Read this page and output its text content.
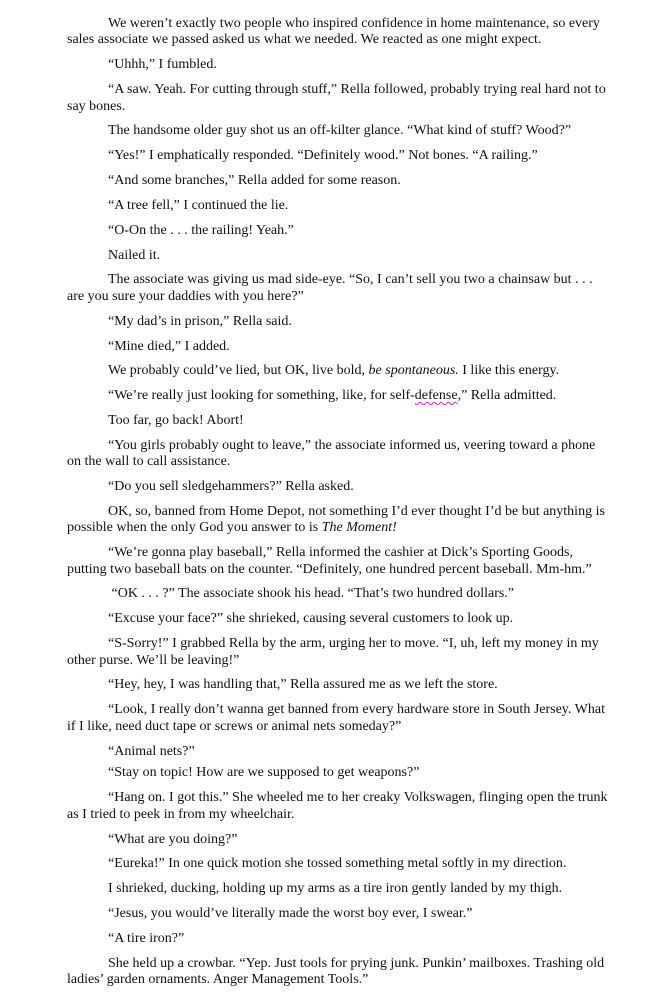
We weren’t exactly two people who inspired confidence in home maintenance, so every sales associate we passed asked us what we needed. We reacted as one might expect.

“Uhhh,” I fumbled.

“A saw. Yeah. For cutting through stuff,” Rella followed, probably trying real hard not to say bones.

The handsome older guy shot us an off-kilter glance. “What kind of stuff? Wood?”

“Yes!” I emphatically responded. “Definitely wood.” Not bones. “A railing.”

“And some branches,” Rella added for some reason.

“A tree fell,” I continued the lie.

“O-On the . . . the railing! Yeah.”

Nailed it.

The associate was giving us mad side-eye. “So, I can’t sell you two a chainsaw but . . . are you sure your daddies with you here?”

“My dad’s in prison,” Rella said.

“Mine died,” I added.

We probably could’ve lied, but OK, live bold, be spontaneous. I like this energy.

“We’re really just looking for something, like, for self-defense,” Rella admitted.

Too far, go back! Abort!

“You girls probably ought to leave,” the associate informed us, veering toward a phone on the wall to call assistance.

“Do you sell sledgehammers?” Rella asked.

OK, so, banned from Home Depot, not something I’d ever thought I’d be but anything is possible when the only God you answer to is The Moment!

“We’re gonna play baseball,” Rella informed the cashier at Dick’s Sporting Goods, putting two baseball bats on the counter. “Definitely, one hundred percent baseball. Mm-hm.”

“OK . . . ?” The associate shook his head. “That’s two hundred dollars.”

“Excuse your face?” she shrieked, causing several customers to look up.

“S-Sorry!” I grabbed Rella by the arm, urging her to move. “I, uh, left my money in my other purse. We’ll be leaving!”

“Hey, hey, I was handling that,” Rella assured me as we left the store.

“Look, I really don’t wanna get banned from every hardware store in South Jersey. What if I like, need duct tape or screws or animal nets someday?”

“Animal nets?”

“Stay on topic! How are we supposed to get weapons?”

“Hang on. I got this.” She wheeled me to her creaky Volkswagen, flinging open the trunk as I tried to peek in from my wheelchair.

“What are you doing?”

“Eureka!” In one quick motion she tossed something metal softly in my direction.

I shrieked, ducking, holding up my arms as a tire iron gently landed by my thigh.

“Jesus, you would’ve literally made the worst boy ever, I swear.”

“A tire iron?”

She held up a crowbar. “Yep. Just tools for prying junk. Punkin’ mailboxes. Trashing old ladies’ garden ornaments. Anger Management Tools.”
